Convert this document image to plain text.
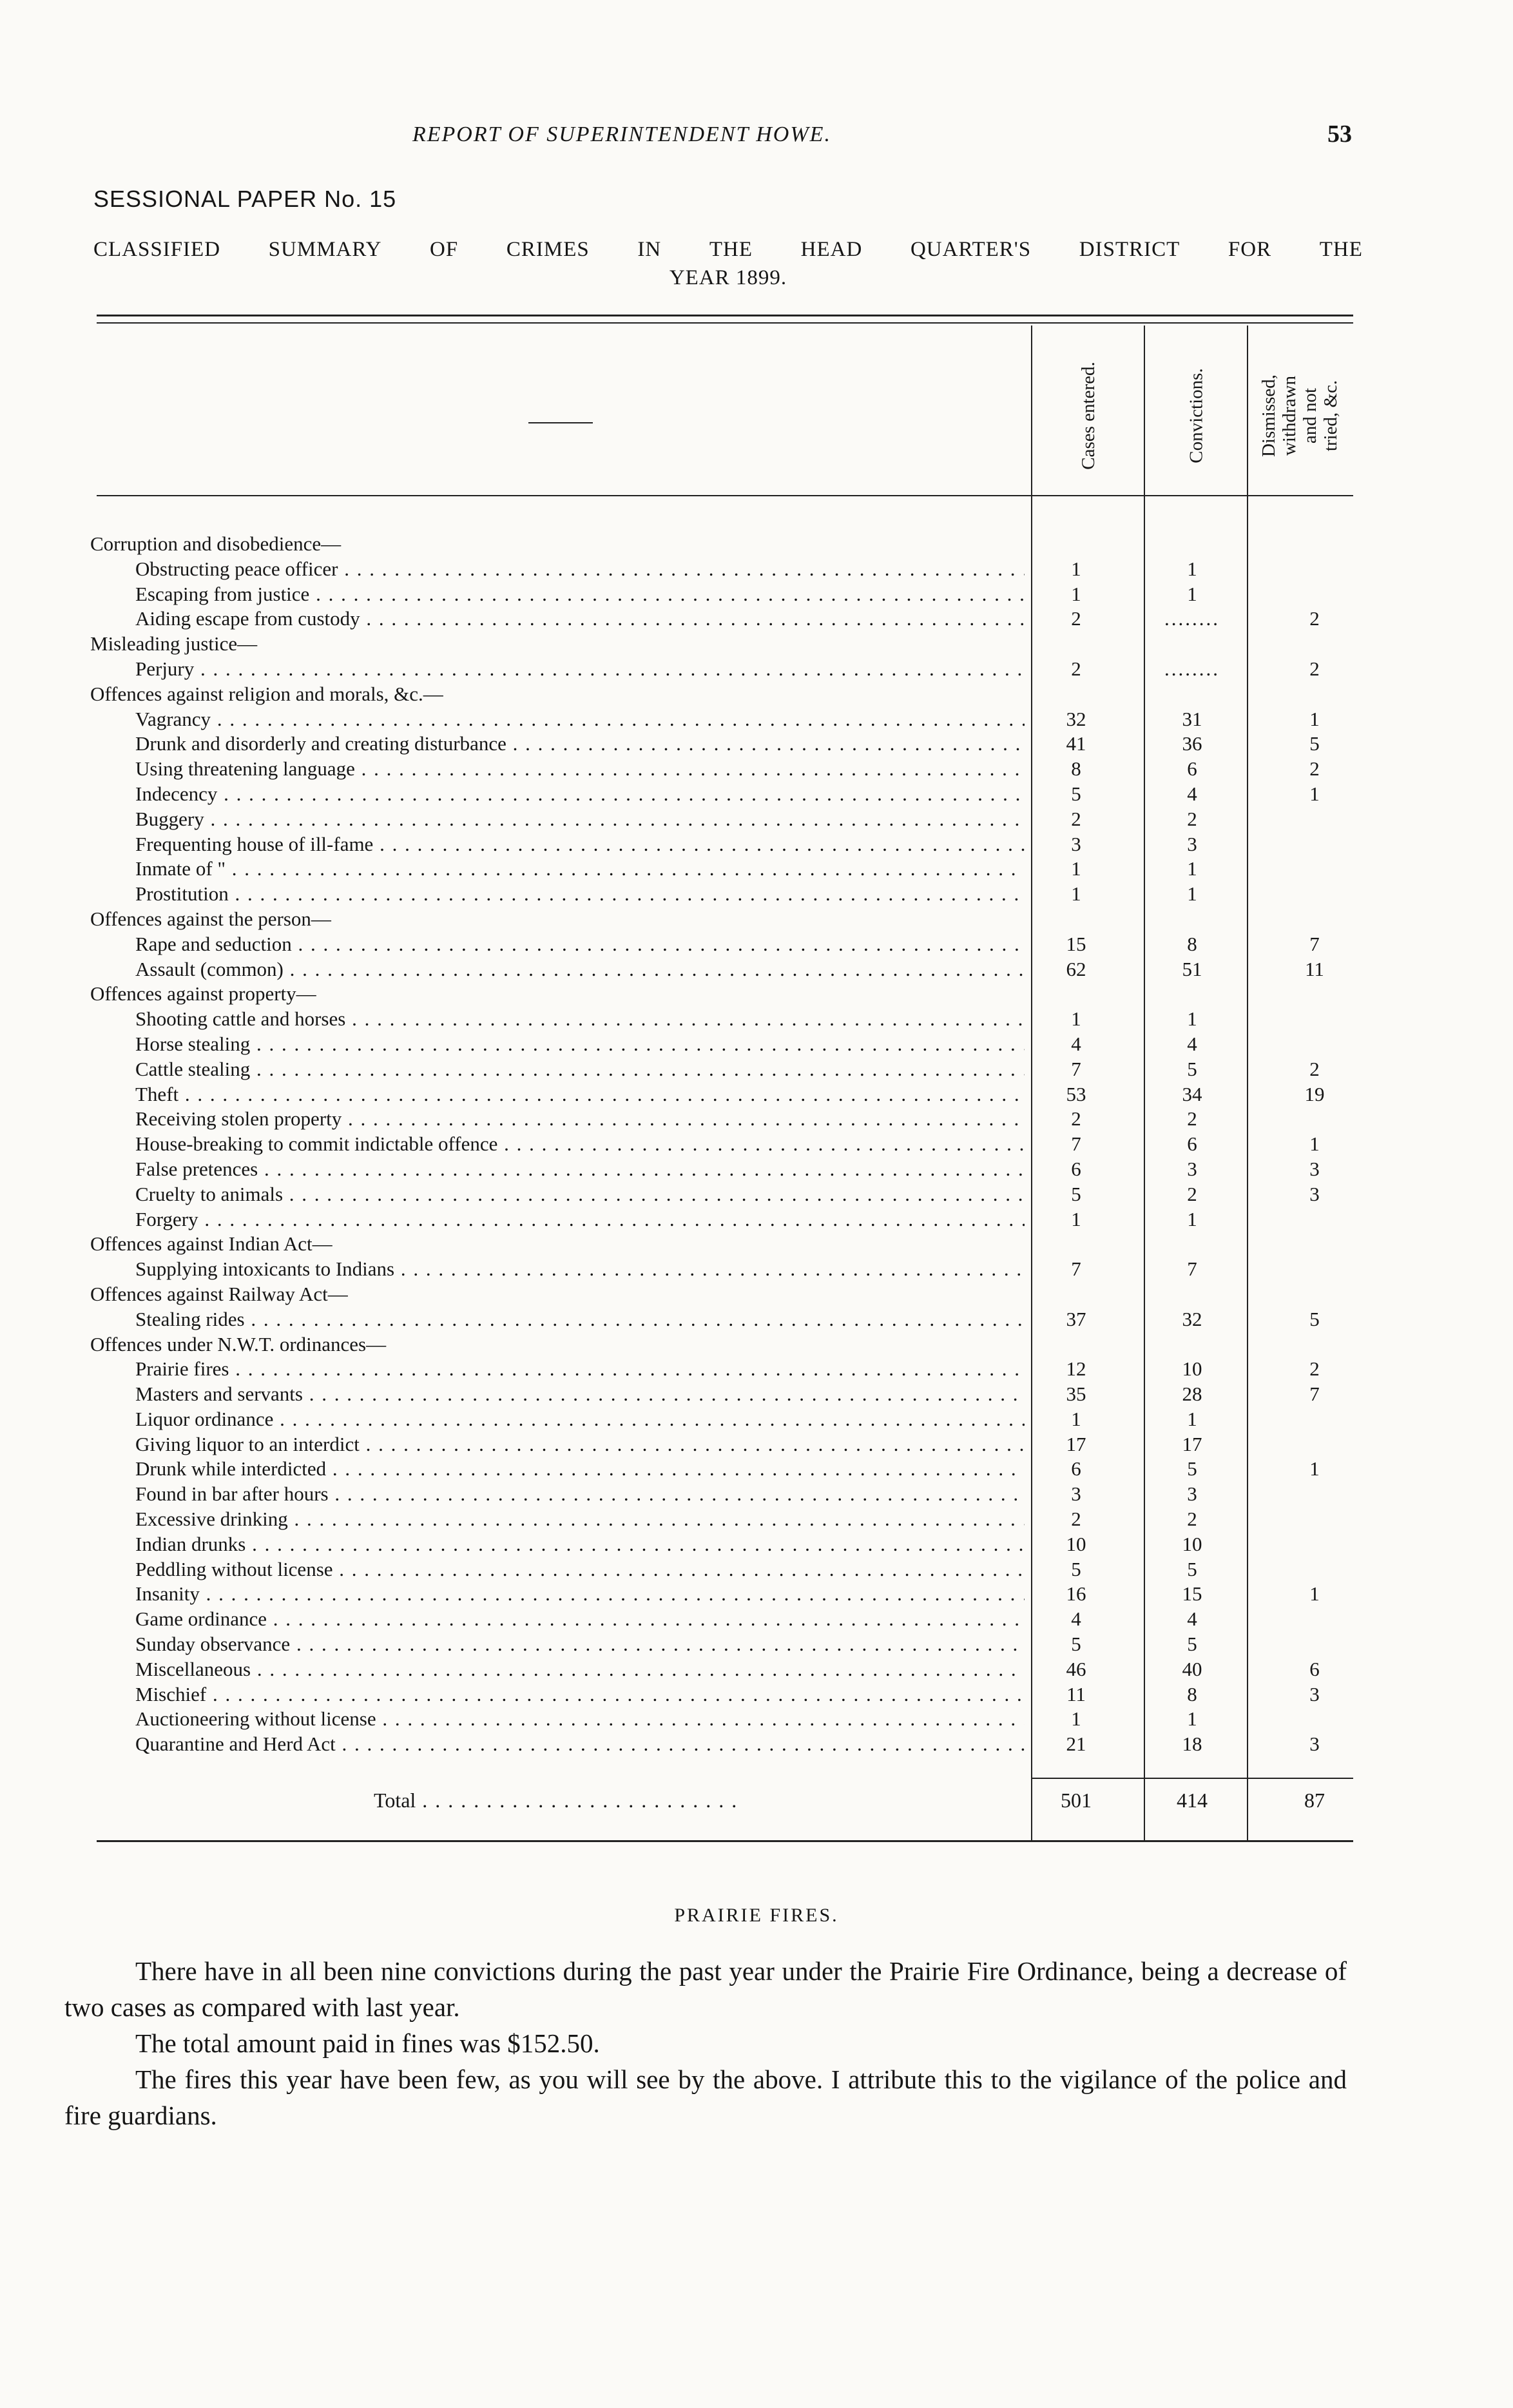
REPORT OF SUPERINTENDENT HOWE.	53
SESSIONAL PAPER No. 15
CLASSIFIED SUMMARY OF CRIMES IN THE HEAD QUARTER'S DISTRICT FOR THE
YEAR 1899.
Cases entered.	Convictions.	Dismissed, withdrawn and not tried, &c.
Corruption and disobedience—
Obstructing peace officer . . .	1	1
Escaping from justice . . .	1	1
Aiding escape from custody . . .	2	........	2
Misleading justice—
Perjury . . .	2	........	2
Offences against religion and morals, &c.—
Vagrancy . . .	32	31	1
Drunk and disorderly and creating disturbance . . .	41	36	5
Using threatening language . . .	8	6	2
Indecency . . .	5	4	1
Buggery . . .	2	2
Frequenting house of ill-fame . . .	3	3
Inmate of " . . .	1	1
Prostitution . . .	1	1
Offences against the person—
Rape and seduction . . .	15	8	7
Assault (common) . . .	62	51	11
Offences against property—
Shooting cattle and horses . . .	1	1
Horse stealing . . .	4	4
Cattle stealing . . .	7	5	2
Theft . . .	53	34	19
Receiving stolen property . . .	2	2
House-breaking to commit indictable offence . . .	7	6	1
False pretences . . .	6	3	3
Cruelty to animals . . .	5	2	3
Forgery . . .	1	1
Offences against Indian Act—
Supplying intoxicants to Indians . . .	7	7
Offences against Railway Act—
Stealing rides . . .	37	32	5
Offences under N.W.T. ordinances—
Prairie fires . . .	12	10	2
Masters and servants . . .	35	28	7
Liquor ordinance . . .	1	1
Giving liquor to an interdict . . .	17	17
Drunk while interdicted . . .	6	5	1
Found in bar after hours . . .	3	3
Excessive drinking . . .	2	2
Indian drunks . . .	10	10
Peddling without license . . .	5	5
Insanity . . .	16	15	1
Game ordinance . . .	4	4
Sunday observance . . .	5	5
Miscellaneous . . .	46	40	6
Mischief . . .	11	8	3
Auctioneering without license . . .	1	1
Quarantine and Herd Act . . .	21	18	3
Total . . .	501	414	87
PRAIRIE FIRES.

There have in all been nine convictions during the past year under the Prairie Fire Ordinance, being a decrease of two cases as compared with last year.

The total amount paid in fines was $152.50.

The fires this year have been few, as you will see by the above. I attribute this to the vigilance of the police and fire guardians.
